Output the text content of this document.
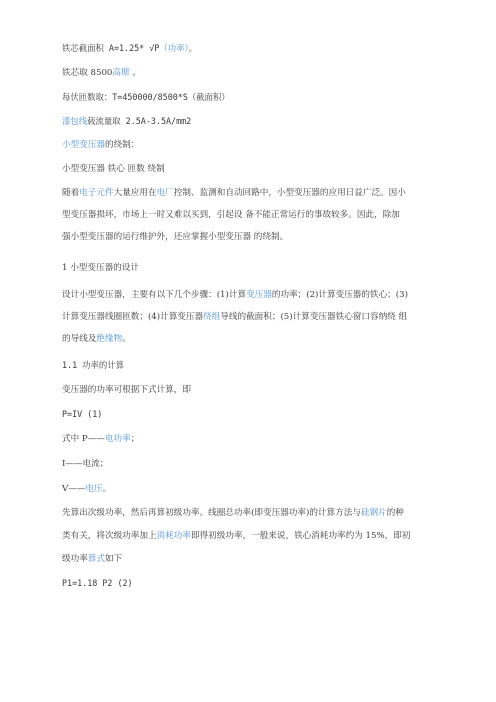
铁芯截面积 A=1.25* √P（功率）。
铁芯取 8500高斯 。
每伏匝数取：T=450000/8500*S（截面积）
漆包线载流量取 2.5A-3.5A/mm2
小型变压器的绕制：
小型变压器 铁心 匝数 绕制
随着电子元件大量应用在电厂控制、监测和自动回路中，小型变压器的应用日益广泛。因小
型变压器损坏，市场上一时又难以买到，引起设 备不能正常运行的事故较多。因此，除加
强小型变压器的运行维护外，还应掌握小型变压器 的绕制。
1 小型变压器的设计
设计小型变压器，主要有以下几个步骤：(1)计算变压器的功率；(2)计算变压器的铁心；(3)
计算变压器线圈匝数；(4)计算变压器绕组导线的截面积；(5)计算变压器铁心窗口容纳绕 组
的导线及绝缘物。
1.1 功率的计算
变压器的功率可根据下式计算，即
P=IV (1)
式中 P——电功率；
I——电流；
V——电压。
先算出次级功率，然后再算初级功率。线圈总功率(即变压器功率)的计算方法与硅钢片的种
类有关，将次级功率加上消耗功率即得初级功率，一般来说，铁心消耗功率约为 15%，即初
级功率算式如下
P1=1.18 P2 (2)
